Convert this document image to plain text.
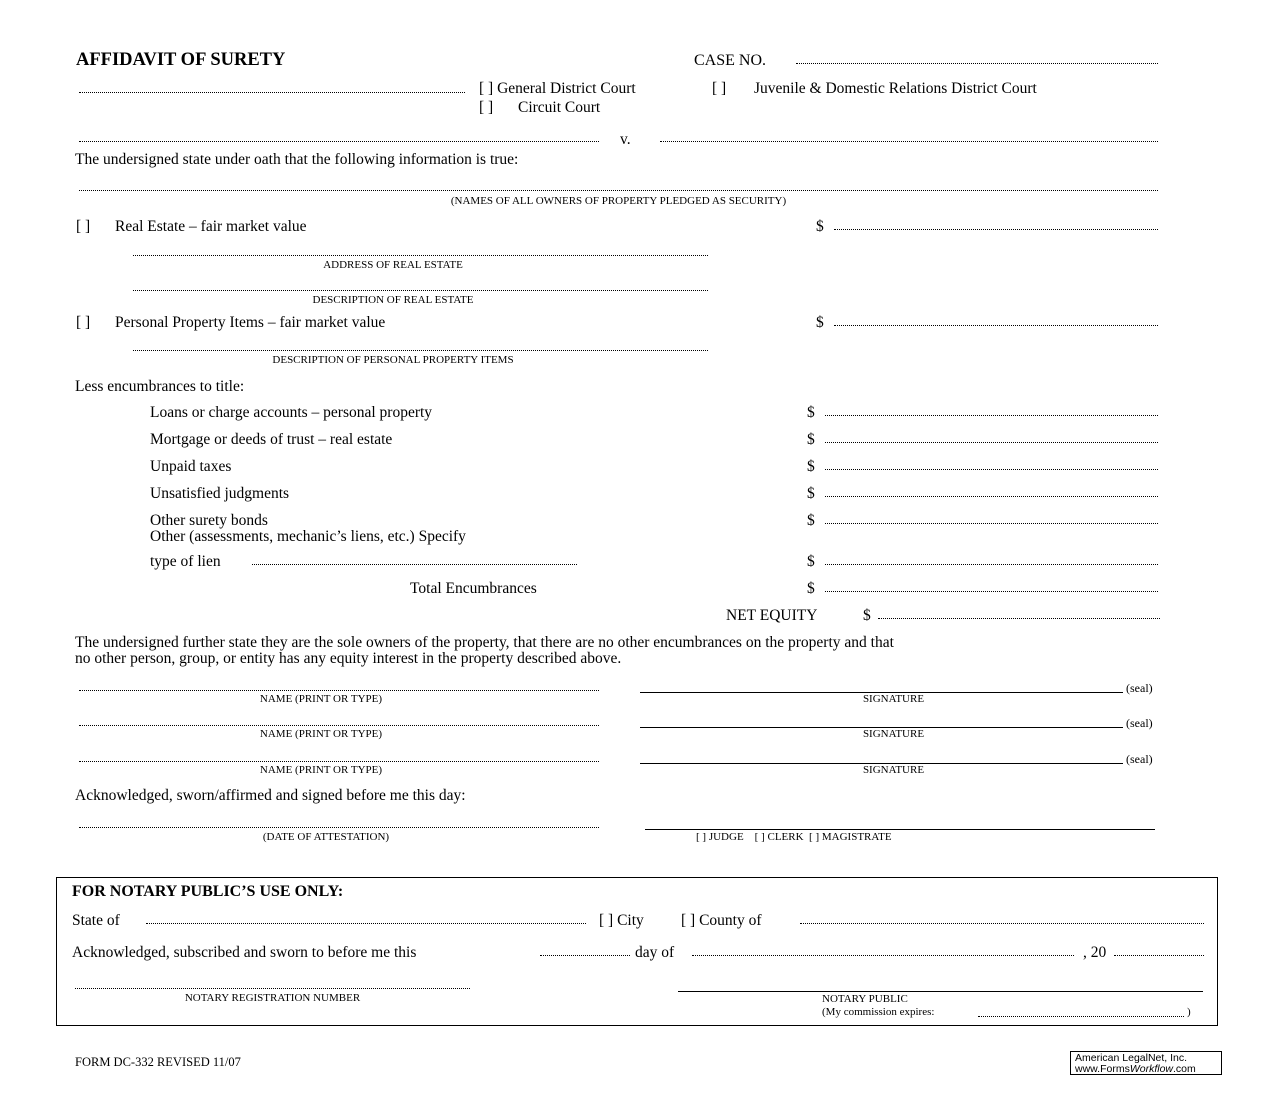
AFFIDAVIT OF SURETY	CASE NO.
[ ] General District Court	[ ] Juvenile & Domestic Relations District Court
[ ] Circuit Court
v.
The undersigned state under oath that the following information is true:
(NAMES OF ALL OWNERS OF PROPERTY PLEDGED AS SECURITY)
[ ] Real Estate – fair market value	$
ADDRESS OF REAL ESTATE
DESCRIPTION OF REAL ESTATE
[ ] Personal Property Items – fair market value	$
DESCRIPTION OF PERSONAL PROPERTY ITEMS
Less encumbrances to title:
Loans or charge accounts – personal property	$
Mortgage or deeds of trust – real estate	$
Unpaid taxes	$
Unsatisfied judgments	$
Other surety bonds	$
Other (assessments, mechanic’s liens, etc.) Specify
type of lien	$
Total Encumbrances	$
NET EQUITY	$
The undersigned further state they are the sole owners of the property, that there are no other encumbrances on the property and that
no other person, group, or entity has any equity interest in the property described above.
NAME (PRINT OR TYPE)
(seal)
SIGNATURE
NAME (PRINT OR TYPE)
(seal)
SIGNATURE
NAME (PRINT OR TYPE)
(seal)
SIGNATURE
Acknowledged, sworn/affirmed and signed before me this day:
(DATE OF ATTESTATION)	[ ] JUDGE    [ ] CLERK  [ ] MAGISTRATE
FOR NOTARY PUBLIC’S USE ONLY:
State of	[ ] City [ ] County of
Acknowledged, subscribed and sworn to before me this	day of	, 20
NOTARY REGISTRATION NUMBER	NOTARY PUBLIC
(My commission expires:	)
FORM DC-332 REVISED 11/07	American LegalNet, Inc.
www.FormsWorkflow.com
